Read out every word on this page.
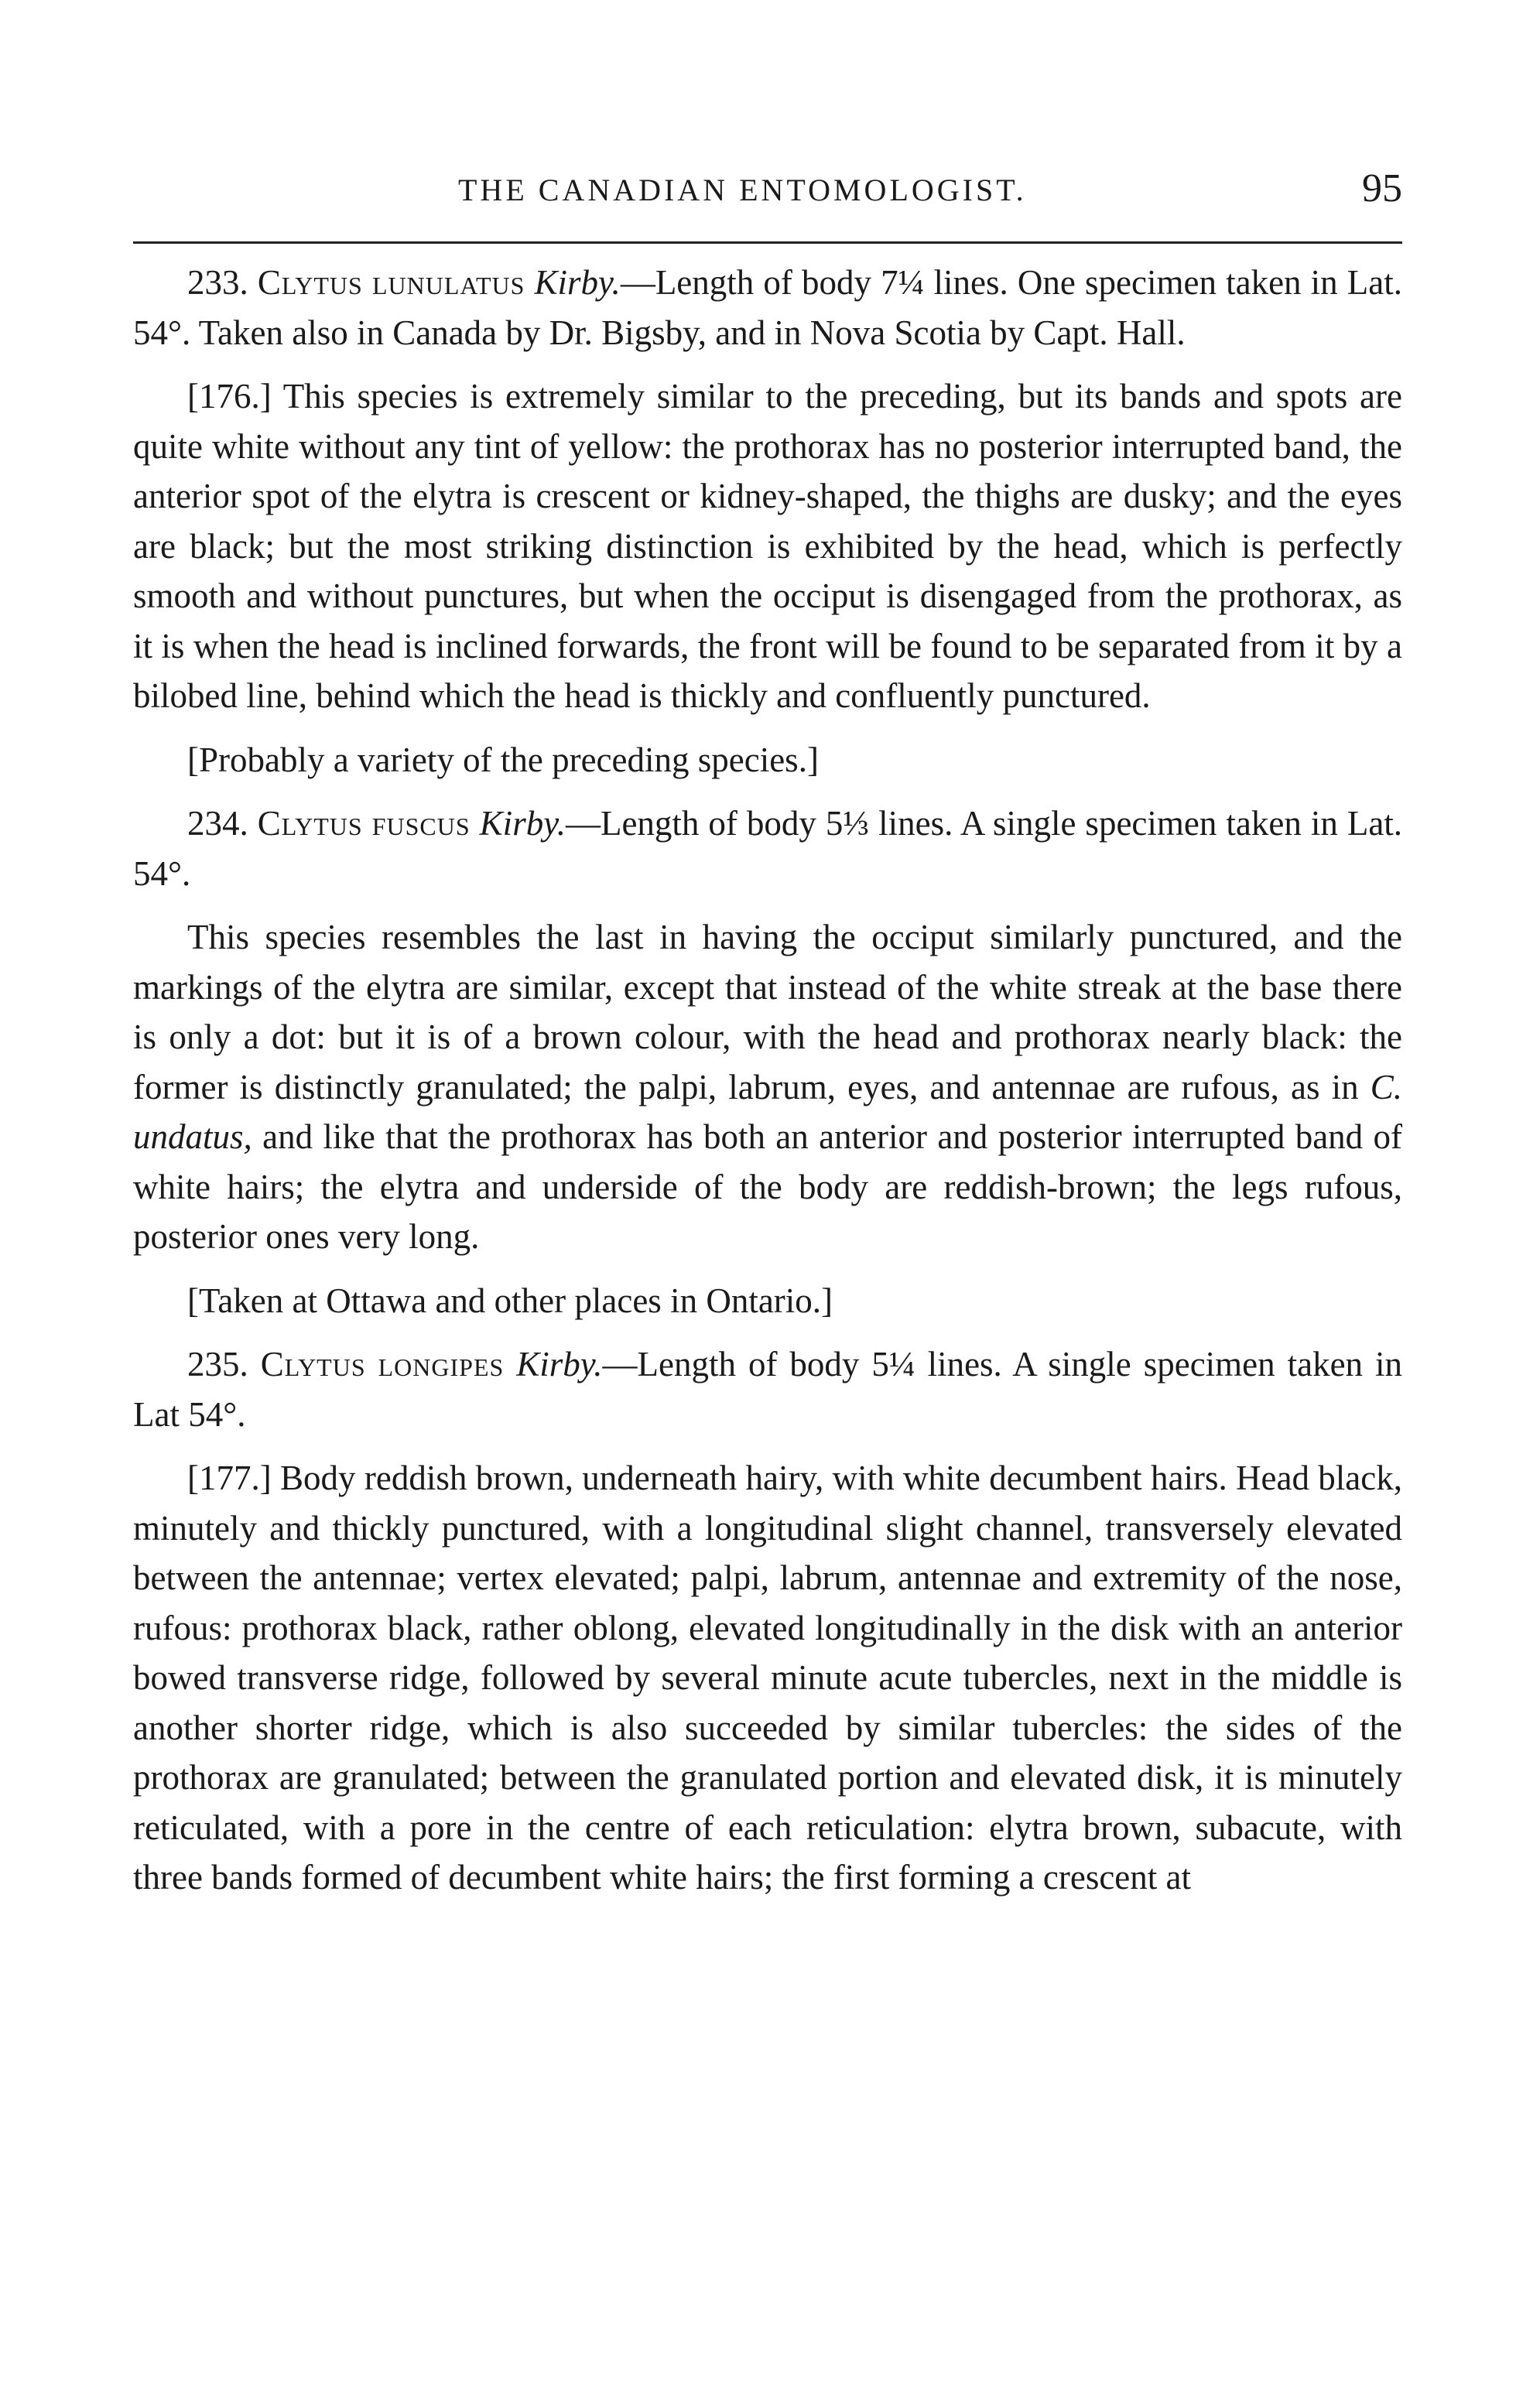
THE CANADIAN ENTOMOLOGIST.	95

233. Clytus lunulatus Kirby.—Length of body 7¼ lines. One specimen taken in Lat. 54°. Taken also in Canada by Dr. Bigsby, and in Nova Scotia by Capt. Hall.

[176.] This species is extremely similar to the preceding, but its bands and spots are quite white without any tint of yellow: the prothorax has no posterior interrupted band, the anterior spot of the elytra is crescent or kidney-shaped, the thighs are dusky; and the eyes are black; but the most striking distinction is exhibited by the head, which is perfectly smooth and without punctures, but when the occiput is disengaged from the prothorax, as it is when the head is inclined forwards, the front will be found to be separated from it by a bilobed line, behind which the head is thickly and confluently punctured.

[Probably a variety of the preceding species.]

234. Clytus fuscus Kirby.—Length of body 5⅓ lines. A single specimen taken in Lat. 54°.

This species resembles the last in having the occiput similarly punctured, and the markings of the elytra are similar, except that instead of the white streak at the base there is only a dot: but it is of a brown colour, with the head and prothorax nearly black: the former is distinctly granulated; the palpi, labrum, eyes, and antennae are rufous, as in C. undatus, and like that the prothorax has both an anterior and posterior interrupted band of white hairs; the elytra and underside of the body are reddish-brown; the legs rufous, posterior ones very long.

[Taken at Ottawa and other places in Ontario.]

235. Clytus longipes Kirby.—Length of body 5¼ lines. A single specimen taken in Lat 54°.

[177.] Body reddish brown, underneath hairy, with white decumbent hairs. Head black, minutely and thickly punctured, with a longitudinal slight channel, transversely elevated between the antennae; vertex elevated; palpi, labrum, antennae and extremity of the nose, rufous: prothorax black, rather oblong, elevated longitudinally in the disk with an anterior bowed transverse ridge, followed by several minute acute tubercles, next in the middle is another shorter ridge, which is also succeeded by similar tubercles: the sides of the prothorax are granulated; between the granulated portion and elevated disk, it is minutely reticulated, with a pore in the centre of each reticulation: elytra brown, subacute, with three bands formed of decumbent white hairs; the first forming a crescent at
